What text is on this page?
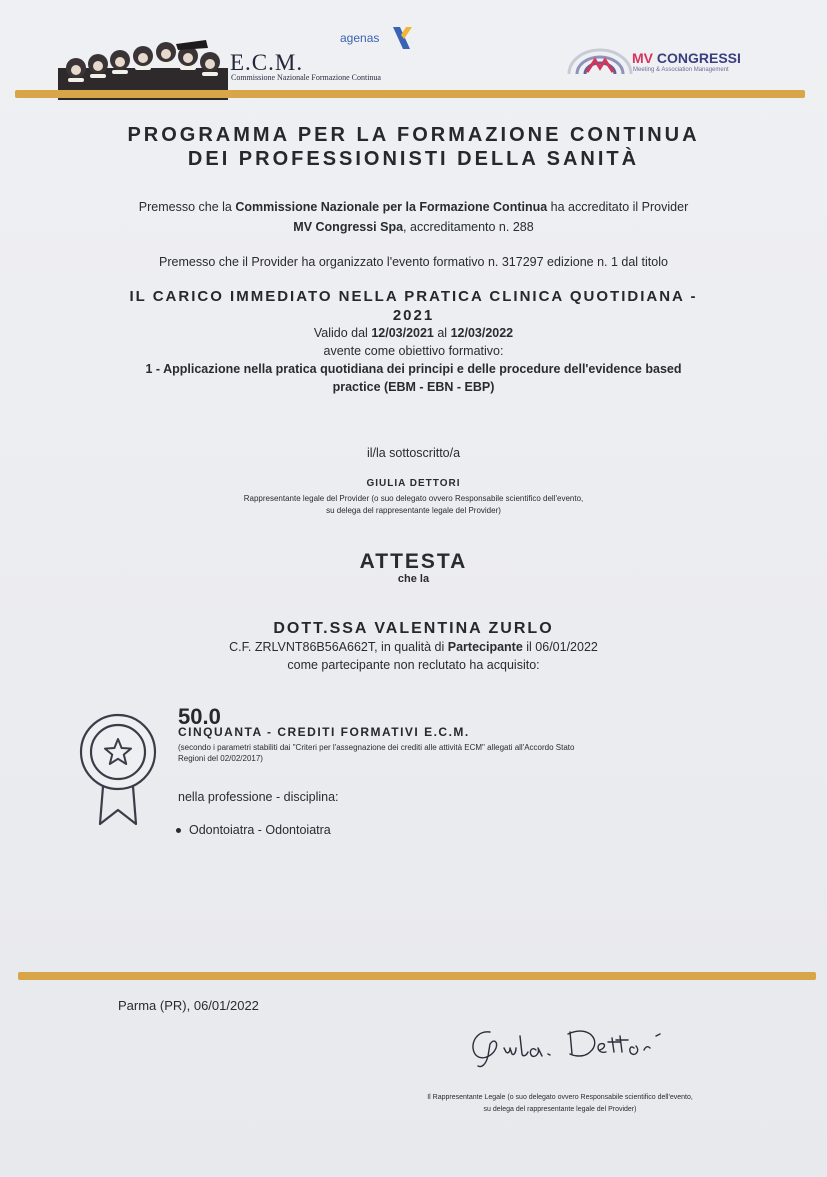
E.C.M.
Commissione Nazionale Formazione Continua
agenas
MV CONGRESSI
Meeting & Association Management
PROGRAMMA PER LA FORMAZIONE CONTINUA
DEI PROFESSIONISTI DELLA SANITÀ
Premesso che la Commissione Nazionale per la Formazione Continua ha accreditato il Provider
MV Congressi Spa, accreditamento n. 288
Premesso che il Provider ha organizzato l'evento formativo n. 317297 edizione n. 1 dal titolo
IL CARICO IMMEDIATO NELLA PRATICA CLINICA QUOTIDIANA -
2021
Valido dal 12/03/2021 al 12/03/2022
avente come obiettivo formativo:
1 - Applicazione nella pratica quotidiana dei principi e delle procedure dell'evidence based
practice (EBM - EBN - EBP)
il/la sottoscritto/a
GIULIA DETTORI
Rappresentante legale del Provider (o suo delegato ovvero Responsabile scientifico dell'evento,
su delega del rappresentante legale del Provider)
ATTESTA
che la
DOTT.SSA VALENTINA ZURLO
C.F. ZRLVNT86B56A662T, in qualità di Partecipante il 06/01/2022
come partecipante non reclutato ha acquisito:
50.0
CINQUANTA - CREDITI FORMATIVI E.C.M.
(secondo i parametri stabiliti dai "Criteri per l'assegnazione dei crediti alle attività ECM" allegati all'Accordo Stato
Regioni del 02/02/2017)
nella professione - disciplina:
Odontoiatra - Odontoiatra
Parma (PR), 06/01/2022
Il Rappresentante Legale (o suo delegato ovvero Responsabile scientifico dell'evento,
su delega del rappresentante legale del Provider)
